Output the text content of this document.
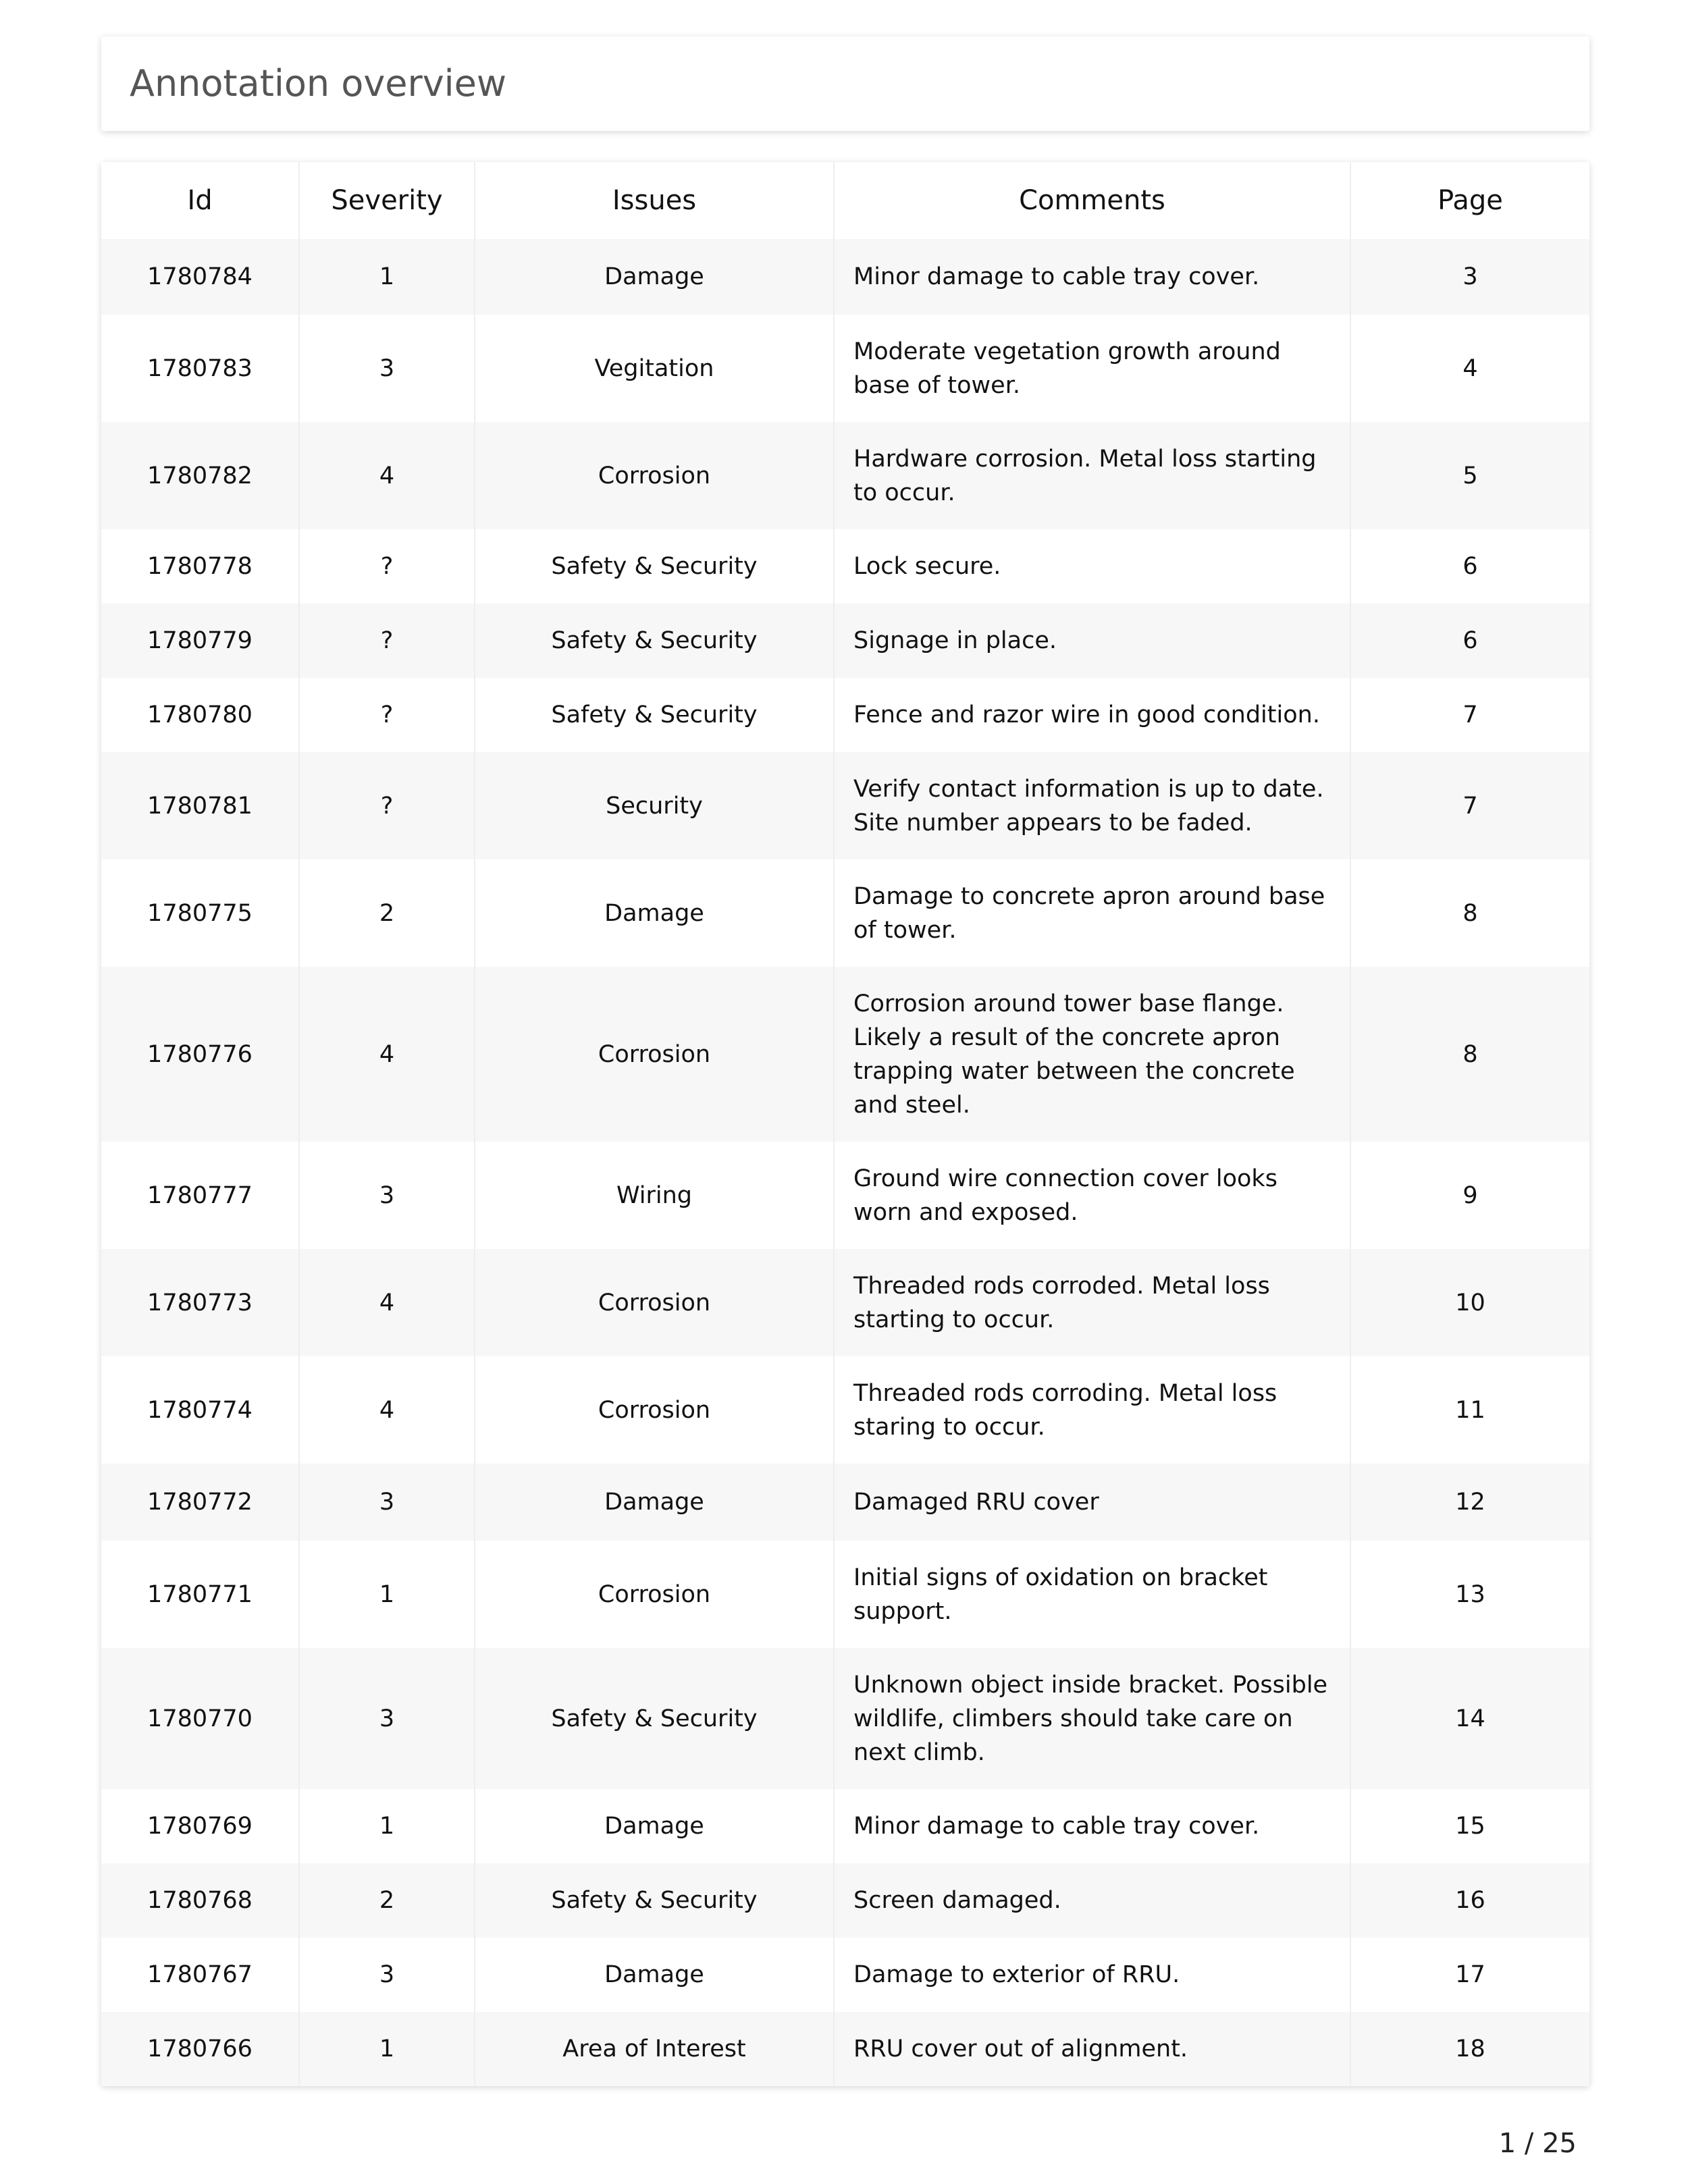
Annotation overview
Id	Severity	Issues	Comments	Page
1780784	1	Damage	Minor damage to cable tray cover.	3
1780783	3	Vegitation	Moderate vegetation growth around base of tower.	4
1780782	4	Corrosion	Hardware corrosion. Metal loss starting to occur.	5
1780778	?	Safety & Security	Lock secure.	6
1780779	?	Safety & Security	Signage in place.	6
1780780	?	Safety & Security	Fence and razor wire in good condition.	7
1780781	?	Security	Verify contact information is up to date. Site number appears to be faded.	7
1780775	2	Damage	Damage to concrete apron around base of tower.	8
1780776	4	Corrosion	Corrosion around tower base flange. Likely a result of the concrete apron trapping water between the concrete and steel.	8
1780777	3	Wiring	Ground wire connection cover looks worn and exposed.	9
1780773	4	Corrosion	Threaded rods corroded. Metal loss starting to occur.	10
1780774	4	Corrosion	Threaded rods corroding. Metal loss staring to occur.	11
1780772	3	Damage	Damaged RRU cover	12
1780771	1	Corrosion	Initial signs of oxidation on bracket support.	13
1780770	3	Safety & Security	Unknown object inside bracket. Possible wildlife, climbers should take care on next climb.	14
1780769	1	Damage	Minor damage to cable tray cover.	15
1780768	2	Safety & Security	Screen damaged.	16
1780767	3	Damage	Damage to exterior of RRU.	17
1780766	1	Area of Interest	RRU cover out of alignment.	18
1 / 25
